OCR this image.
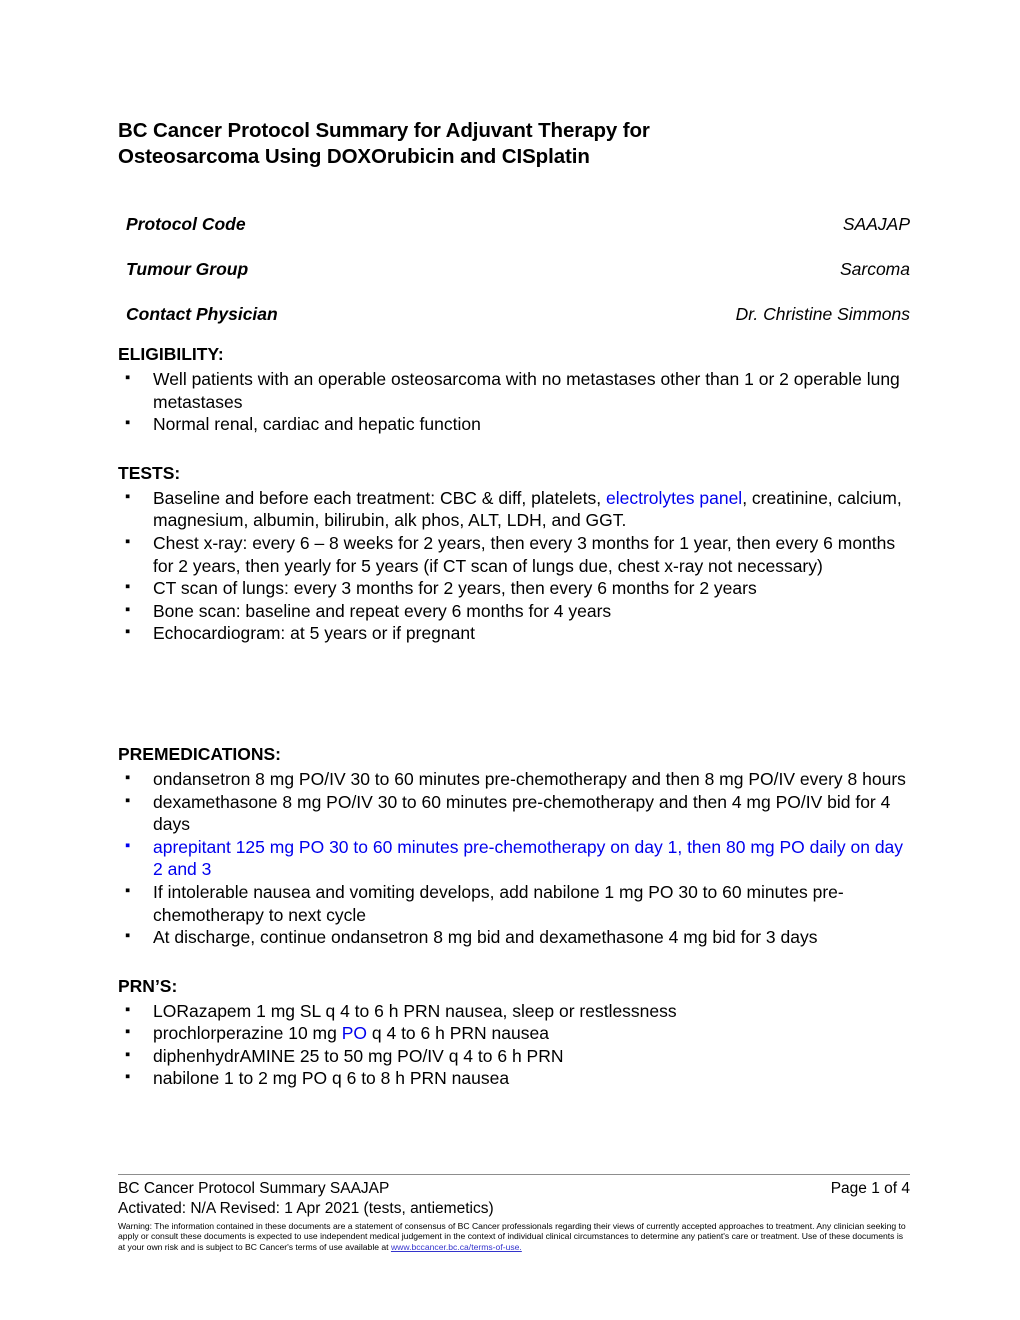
BC Cancer Protocol Summary for Adjuvant Therapy for
Osteosarcoma Using DOXOrubicin and CISplatin
Protocol Code	SAAJAP
Tumour Group	Sarcoma
Contact Physician	Dr. Christine Simmons
ELIGIBILITY:
▪ Well patients with an operable osteosarcoma with no metastases other than 1 or 2 operable lung metastases
▪ Normal renal, cardiac and hepatic function
TESTS:
▪ Baseline and before each treatment: CBC & diff, platelets, electrolytes panel, creatinine, calcium, magnesium, albumin, bilirubin, alk phos, ALT, LDH, and GGT.
▪ Chest x-ray: every 6 – 8 weeks for 2 years, then every 3 months for 1 year, then every 6 months for 2 years, then yearly for 5 years (if CT scan of lungs due, chest x-ray not necessary)
▪ CT scan of lungs: every 3 months for 2 years, then every 6 months for 2 years
▪ Bone scan: baseline and repeat every 6 months for 4 years
▪ Echocardiogram: at 5 years or if pregnant
PREMEDICATIONS:
▪ ondansetron 8 mg PO/IV 30 to 60 minutes pre-chemotherapy and then 8 mg PO/IV every 8 hours
▪ dexamethasone 8 mg PO/IV 30 to 60 minutes pre-chemotherapy and then 4 mg PO/IV bid for 4 days
▪ aprepitant 125 mg PO 30 to 60 minutes pre-chemotherapy on day 1, then 80 mg PO daily on day 2 and 3
▪ If intolerable nausea and vomiting develops, add nabilone 1 mg PO 30 to 60 minutes pre-chemotherapy to next cycle
▪ At discharge, continue ondansetron 8 mg bid and dexamethasone 4 mg bid for 3 days
PRN’S:
▪ LORazapem 1 mg SL q 4 to 6 h PRN nausea, sleep or restlessness
▪ prochlorperazine 10 mg PO q 4 to 6 h PRN nausea
▪ diphenhydrAMINE 25 to 50 mg PO/IV q 4 to 6 h PRN
▪ nabilone 1 to 2 mg PO q 6 to 8 h PRN nausea
BC Cancer Protocol Summary SAAJAP	Page 1 of 4
Activated: N/A Revised: 1 Apr 2021 (tests, antiemetics)
Warning: The information contained in these documents are a statement of consensus of BC Cancer professionals regarding their views of currently accepted approaches to treatment. Any clinician seeking to apply or consult these documents is expected to use independent medical judgement in the context of individual clinical circumstances to determine any patient's care or treatment. Use of these documents is at your own risk and is subject to BC Cancer's terms of use available at www.bccancer.bc.ca/terms-of-use.
